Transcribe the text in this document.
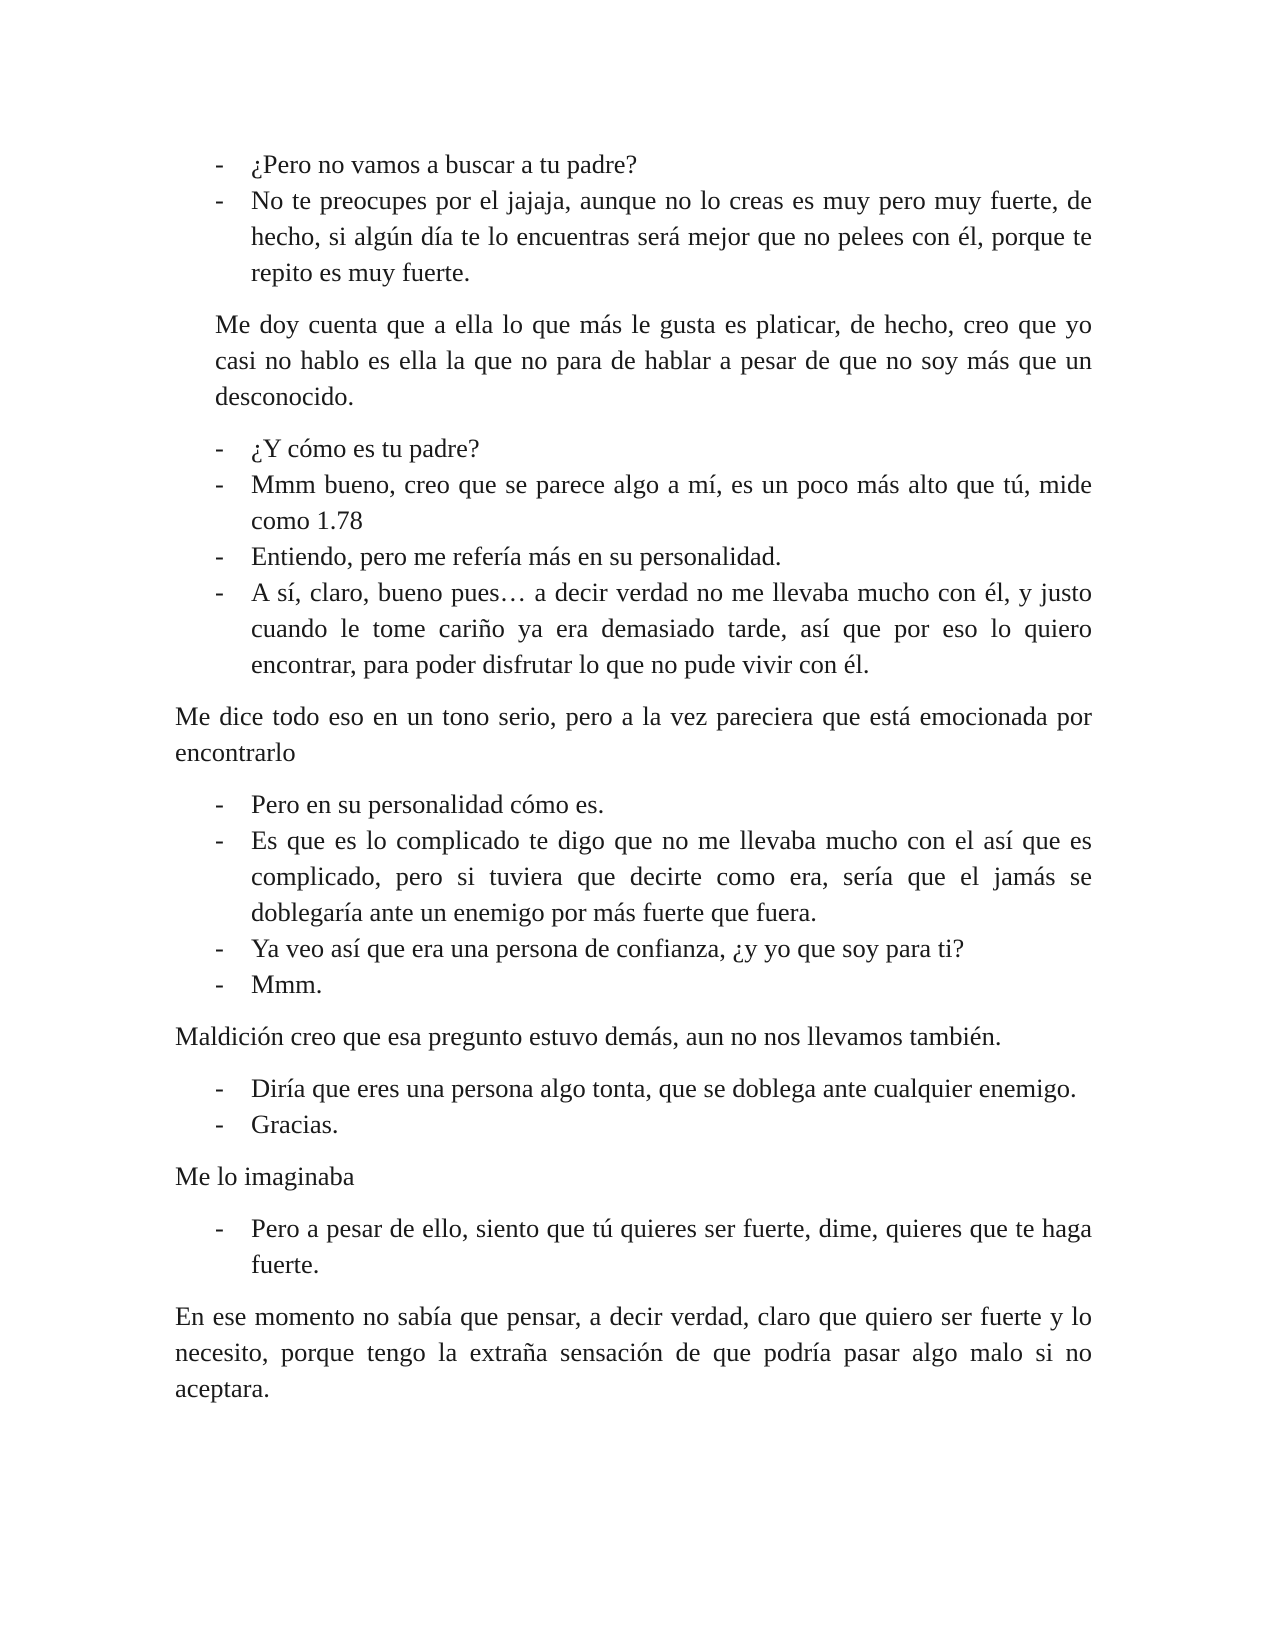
- ¿Pero no vamos a buscar a tu padre?
- No te preocupes por el jajaja, aunque no lo creas es muy pero muy fuerte, de hecho, si algún día te lo encuentras será mejor que no pelees con él, porque te repito es muy fuerte.
Me doy cuenta que a ella lo que más le gusta es platicar, de hecho, creo que yo casi no hablo es ella la que no para de hablar a pesar de que no soy más que un desconocido.
- ¿Y cómo es tu padre?
- Mmm bueno, creo que se parece algo a mí, es un poco más alto que tú, mide como 1.78
- Entiendo, pero me refería más en su personalidad.
- A sí, claro, bueno pues… a decir verdad no me llevaba mucho con él, y justo cuando le tome cariño ya era demasiado tarde, así que por eso lo quiero encontrar, para poder disfrutar lo que no pude vivir con él.
Me dice todo eso en un tono serio, pero a la vez pareciera que está emocionada por encontrarlo
- Pero en su personalidad cómo es.
- Es que es lo complicado te digo que no me llevaba mucho con el así que es complicado, pero si tuviera que decirte como era, sería que el jamás se doblegaría ante un enemigo por más fuerte que fuera.
- Ya veo así que era una persona de confianza, ¿y yo que soy para ti?
- Mmm.
Maldición creo que esa pregunto estuvo demás, aun no nos llevamos también.
- Diría que eres una persona algo tonta, que se doblega ante cualquier enemigo.
- Gracias.
Me lo imaginaba
- Pero a pesar de ello, siento que tú quieres ser fuerte, dime, quieres que te haga fuerte.
En ese momento no sabía que pensar, a decir verdad, claro que quiero ser fuerte y lo necesito, porque tengo la extraña sensación de que podría pasar algo malo si no aceptara.
